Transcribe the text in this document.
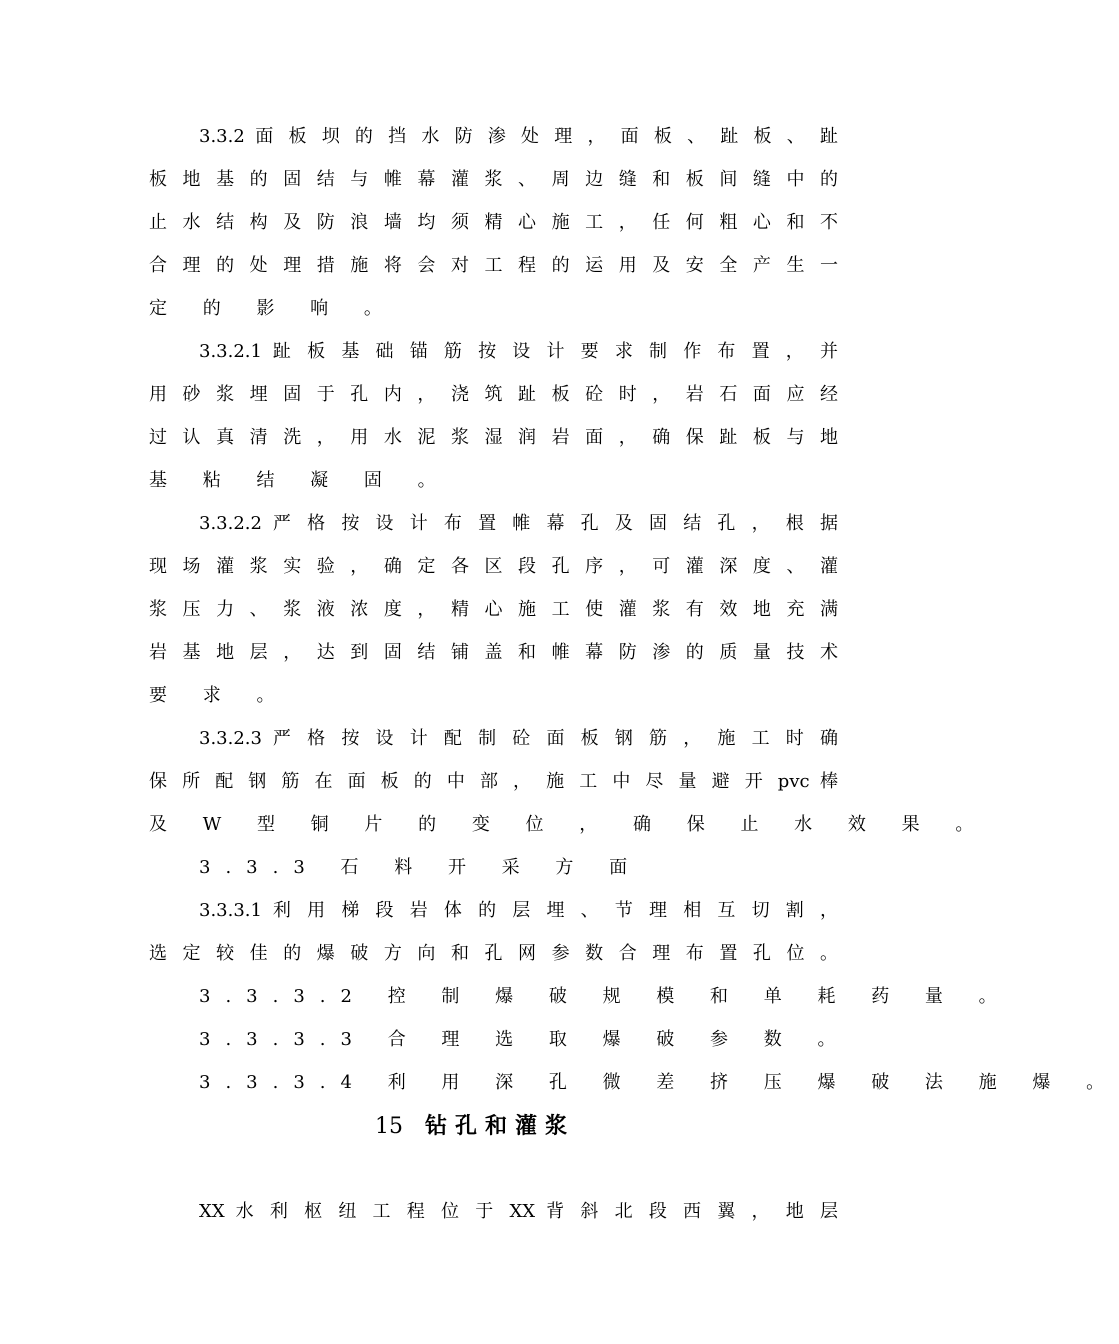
3.3.2 面 板 坝 的 挡 水 防 渗 处 理 ， 面 板 、 趾 板 、 趾
板 地 基 的 固 结 与 帷 幕 灌 浆 、 周 边 缝 和 板 间 缝 中 的
止 水 结 构 及 防 浪 墙 均 须 精 心 施 工 ， 任 何 粗 心 和 不
合 理 的 处 理 措 施 将 会 对 工 程 的 运 用 及 安 全 产 生 一
定 的 影 响 。
3.3.2.1 趾 板 基 础 锚 筋 按 设 计 要 求 制 作 布 置 ， 并
用 砂 浆 埋 固 于 孔 内 ， 浇 筑 趾 板 砼 时 ， 岩 石 面 应 经
过 认 真 清 洗 ， 用 水 泥 浆 湿 润 岩 面 ， 确 保 趾 板 与 地
基 粘 结 凝 固 。
3.3.2.2 严 格 按 设 计 布 置 帷 幕 孔 及 固 结 孔 ， 根 据
现 场 灌 浆 实 验 ， 确 定 各 区 段 孔 序 ， 可 灌 深 度 、 灌
浆 压 力 、 浆 液 浓 度 ， 精 心 施 工 使 灌 浆 有 效 地 充 满
岩 基 地 层 ， 达 到 固 结 铺 盖 和 帷 幕 防 渗 的 质 量 技 术
要 求 。
3.3.2.3 严 格 按 设 计 配 制 砼 面 板 钢 筋 ， 施 工 时 确
保 所 配 钢 筋 在 面 板 的 中 部 ， 施 工 中 尽 量 避 开 pvc 棒
及 W 型 铜 片 的 变 位 ， 确 保 止 水 效 果 。
3.3.3 石 料 开 采 方 面
3.3.3.1 利 用 梯 段 岩 体 的 层 埋 、 节 理 相 互 切 割 ，
选 定 较 佳 的 爆 破 方 向 和 孔 网 参 数 合 理 布 置 孔 位 。
3.3.3.2 控 制 爆 破 规 模 和 单 耗 药 量 。
3.3.3.3 合 理 选 取 爆 破 参 数 。
3.3.3.4 利 用 深 孔 微 差 挤 压 爆 破 法 施 爆 。
15 钻孔和灌浆
XX 水 利 枢 纽 工 程 位 于 XX 背 斜 北 段 西 翼 ， 地 层
